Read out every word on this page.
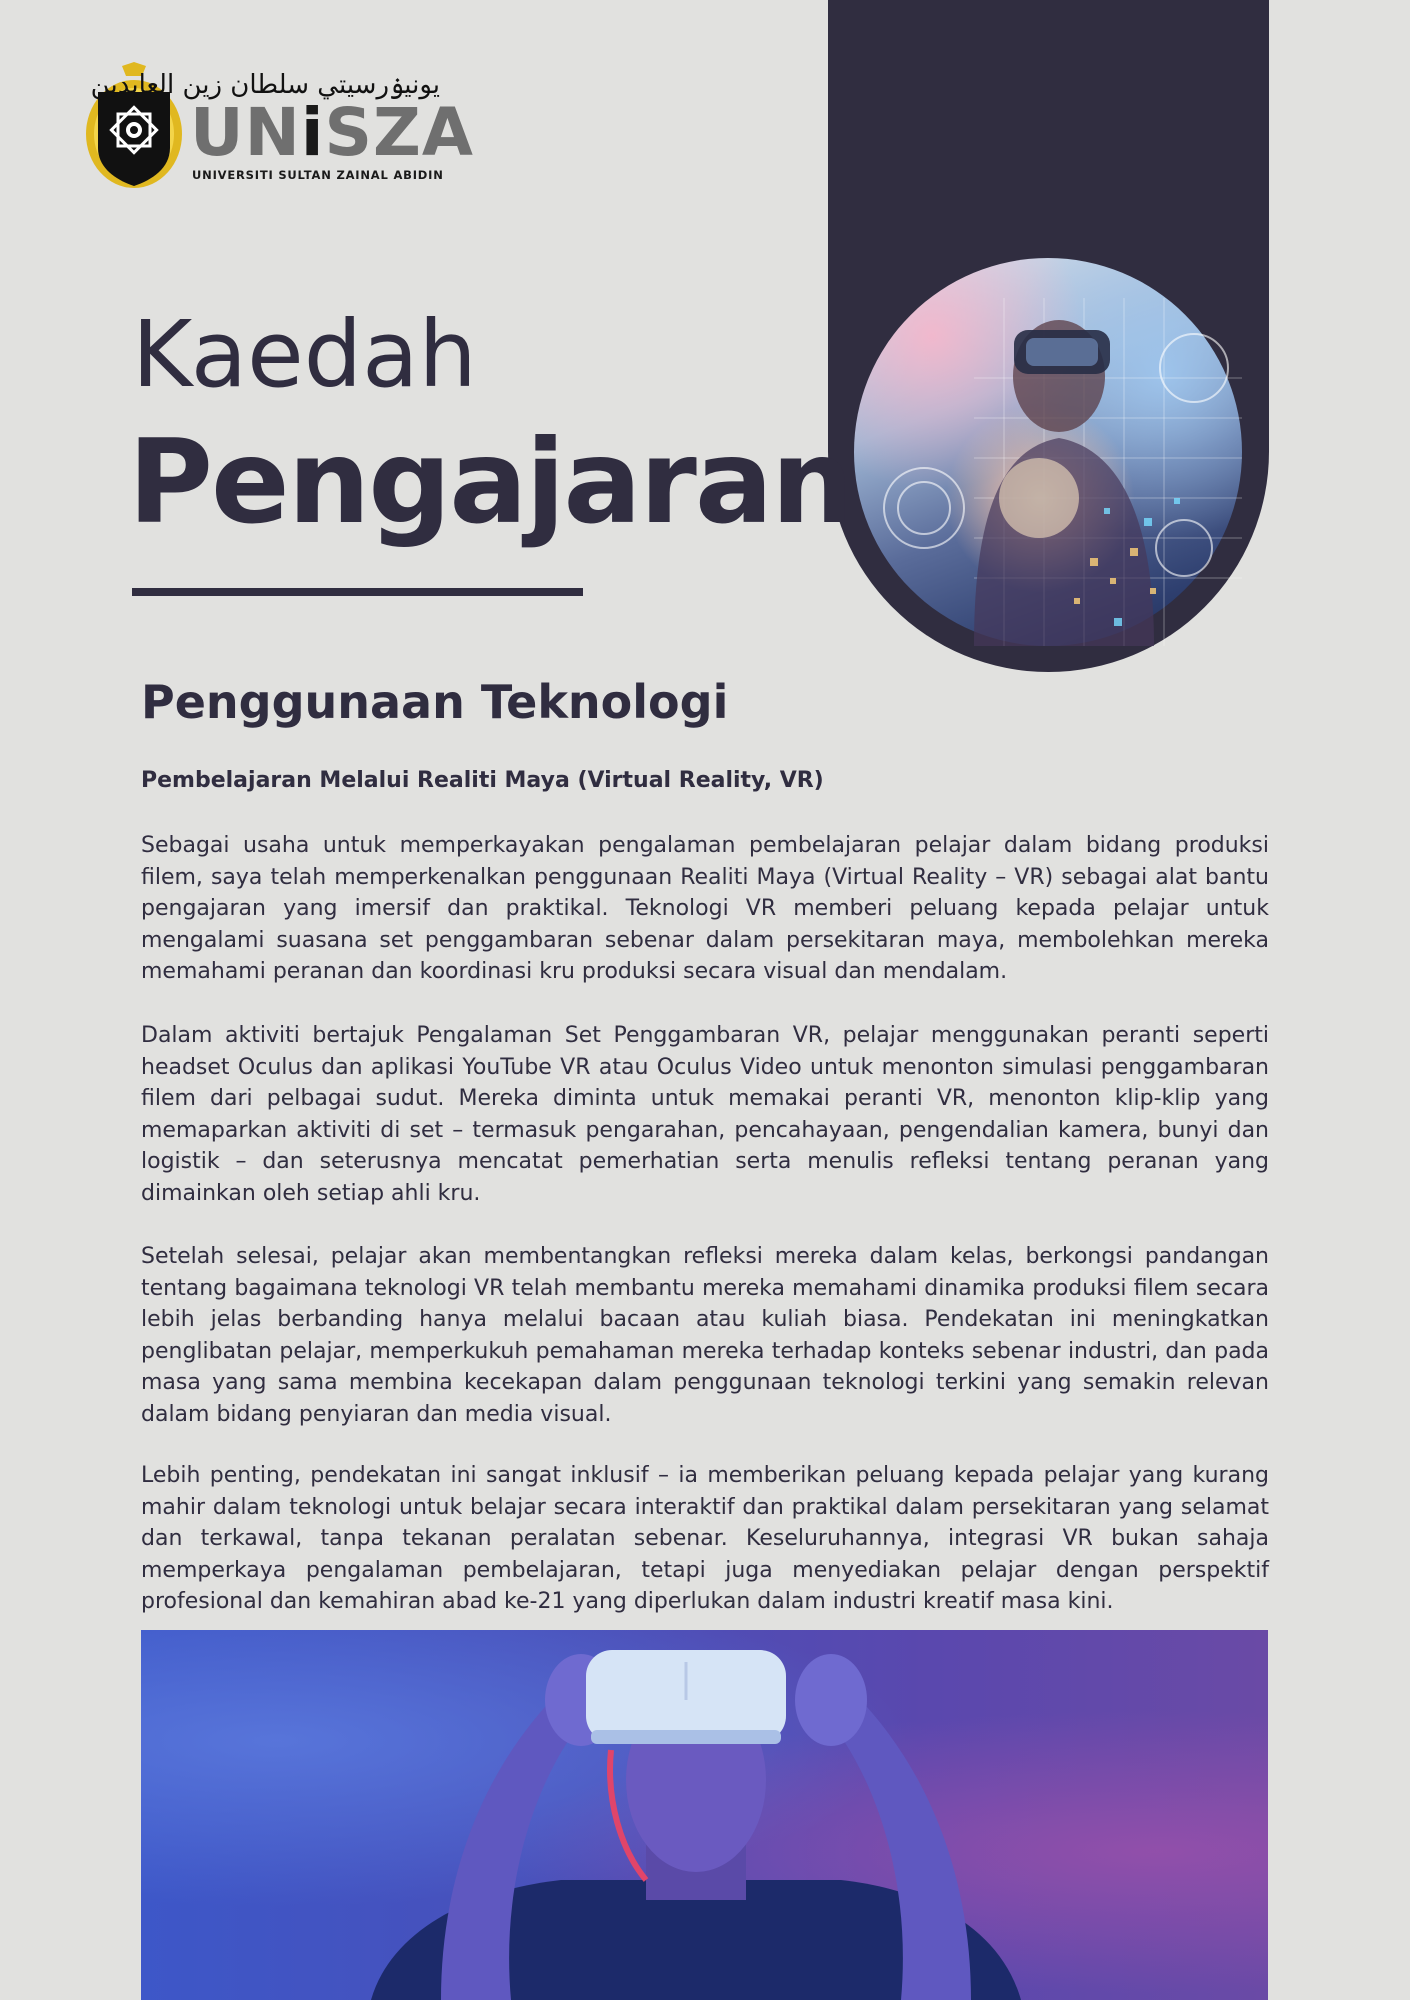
يونيۏرسيتي سلطان زين العابدين
UNiSZA
UNIVERSITI SULTAN ZAINAL ABIDIN
Kaedah
Pengajaran
Penggunaan Teknologi
Pembelajaran Melalui Realiti Maya (Virtual Reality, VR)

Sebagai usaha untuk memperkayakan pengalaman pembelajaran pelajar dalam bidang produksi filem, saya telah memperkenalkan penggunaan Realiti Maya (Virtual Reality – VR) sebagai alat bantu pengajaran yang imersif dan praktikal. Teknologi VR memberi peluang kepada pelajar untuk mengalami suasana set penggambaran sebenar dalam persekitaran maya, membolehkan mereka memahami peranan dan koordinasi kru produksi secara visual dan mendalam.

Dalam aktiviti bertajuk Pengalaman Set Penggambaran VR, pelajar menggunakan peranti seperti headset Oculus dan aplikasi YouTube VR atau Oculus Video untuk menonton simulasi penggambaran filem dari pelbagai sudut. Mereka diminta untuk memakai peranti VR, menonton klip-klip yang memaparkan aktiviti di set – termasuk pengarahan, pencahayaan, pengendalian kamera, bunyi dan logistik – dan seterusnya mencatat pemerhatian serta menulis refleksi tentang peranan yang dimainkan oleh setiap ahli kru.

Setelah selesai, pelajar akan membentangkan refleksi mereka dalam kelas, berkongsi pandangan tentang bagaimana teknologi VR telah membantu mereka memahami dinamika produksi filem secara lebih jelas berbanding hanya melalui bacaan atau kuliah biasa. Pendekatan ini meningkatkan penglibatan pelajar, memperkukuh pemahaman mereka terhadap konteks sebenar industri, dan pada masa yang sama membina kecekapan dalam penggunaan teknologi terkini yang semakin relevan dalam bidang penyiaran dan media visual.

Lebih penting, pendekatan ini sangat inklusif – ia memberikan peluang kepada pelajar yang kurang mahir dalam teknologi untuk belajar secara interaktif dan praktikal dalam persekitaran yang selamat dan terkawal, tanpa tekanan peralatan sebenar. Keseluruhannya, integrasi VR bukan sahaja memperkaya pengalaman pembelajaran, tetapi juga menyediakan pelajar dengan perspektif profesional dan kemahiran abad ke-21 yang diperlukan dalam industri kreatif masa kini.
